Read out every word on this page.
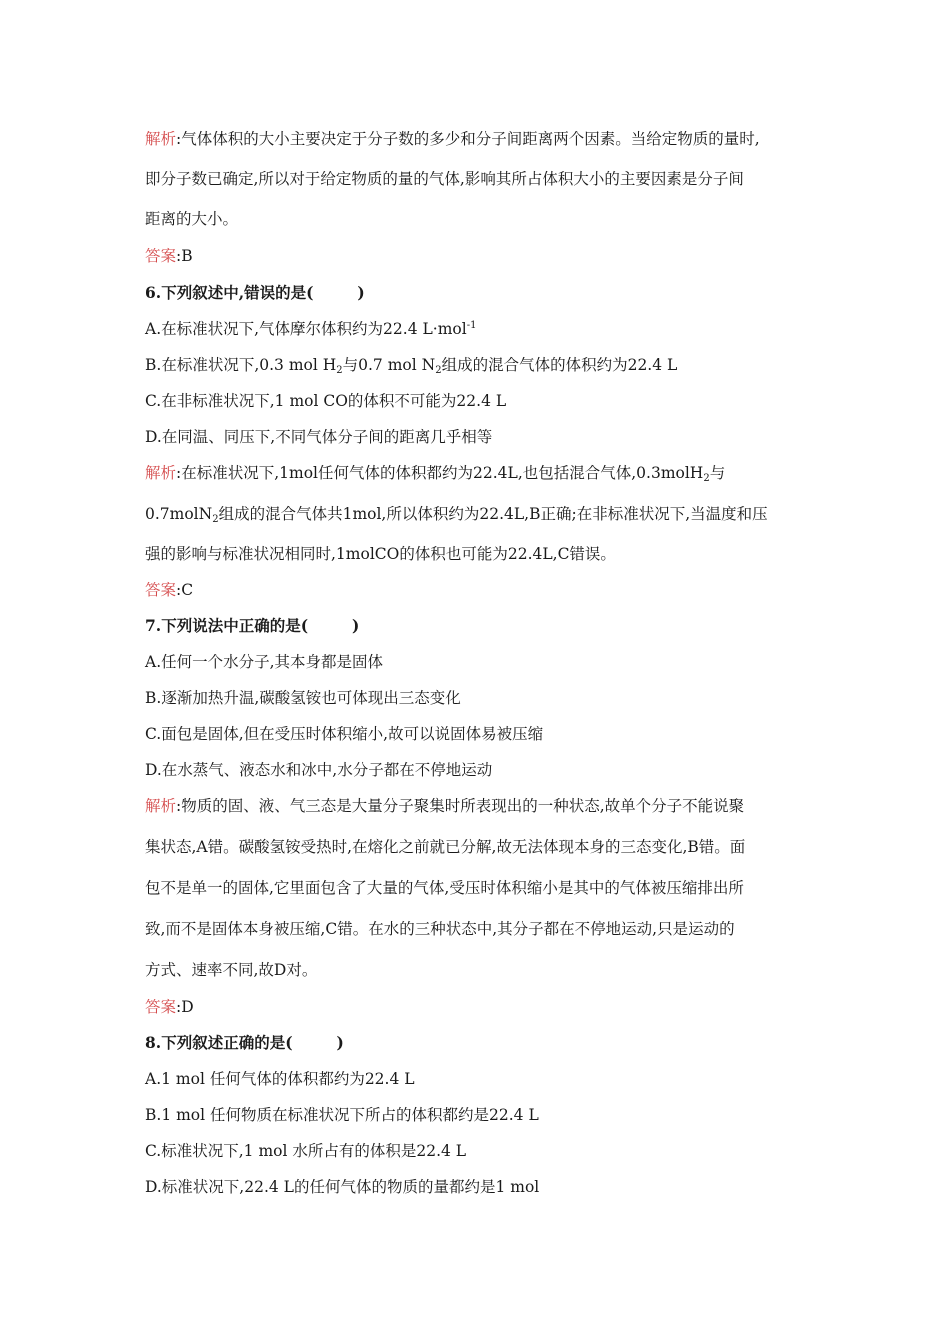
解析:气体体积的大小主要决定于分子数的多少和分子间距离两个因素。当给定物质的量时,
即分子数已确定,所以对于给定物质的量的气体,影响其所占体积大小的主要因素是分子间
距离的大小。
答案:B
6.下列叙述中,错误的是(	)
A.在标准状况下,气体摩尔体积约为22.4 L·mol$^{-1}$
B.在标准状况下,0.3 mol $H_2$与0.7 mol $N_2$组成的混合气体的体积约为22.4 L
C.在非标准状况下,1 mol CO的体积不可能为22.4 L
D.在同温、同压下,不同气体分子间的距离几乎相等
解析:在标准状况下,1mol任何气体的体积都约为22.4L,也包括混合气体,0.3molH$_2$与
0.7molN$_2$组成的混合气体共1mol,所以体积约为22.4L,B正确;在非标准状况下,当温度和压
强的影响与标准状况相同时,1molCO的体积也可能为22.4L,C错误。
答案:C
7.下列说法中正确的是(	)
A.任何一个水分子,其本身都是固体
B.逐渐加热升温,碳酸氢铵也可体现出三态变化
C.面包是固体,但在受压时体积缩小,故可以说固体易被压缩
D.在水蒸气、液态水和冰中,水分子都在不停地运动
解析:物质的固、液、气三态是大量分子聚集时所表现出的一种状态,故单个分子不能说聚
集状态,A错。碳酸氢铵受热时,在熔化之前就已分解,故无法体现本身的三态变化,B错。面
包不是单一的固体,它里面包含了大量的气体,受压时体积缩小是其中的气体被压缩排出所
致,而不是固体本身被压缩,C错。在水的三种状态中,其分子都在不停地运动,只是运动的
方式、速率不同,故D对。
答案:D
8.下列叙述正确的是(	)
A.1 mol 任何气体的体积都约为22.4 L
B.1 mol 任何物质在标准状况下所占的体积都约是22.4 L
C.标准状况下,1 mol 水所占有的体积是22.4 L
D.标准状况下,22.4 L的任何气体的物质的量都约是1 mol
